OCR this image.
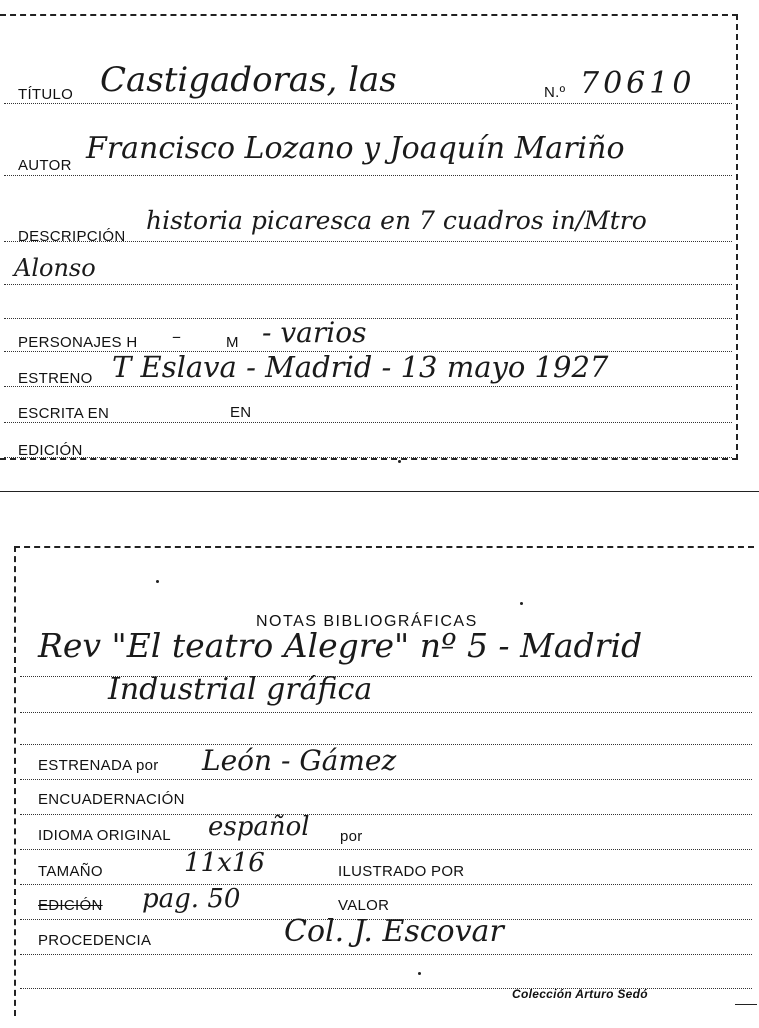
TÍTULO Castigadoras, las	N.º 70610
AUTOR Francisco Lozano y Joaquín Mariño
DESCRIPCIÓN
historia picaresca en 7 cuadros in/Mtro
Alonso
PERSONAJES H –	M - varios
ESTRENO T Eslava - Madrid - 13 mayo 1927
ESCRITA EN	EN
EDICIÓN
NOTAS BIBLIOGRÁFICAS
Rev "El teatro Alegre" nº 5 - Madrid
Industrial gráfica
ESTRENADA por León - Gámez
ENCUADERNACIÓN
IDIOMA ORIGINAL español por
TAMAÑO	11x16	ILUSTRADO POR
EDICIÓN pag. 50	VALOR
PROCEDENCIA	Col. J. Escovar
Colección Arturo Sedó
